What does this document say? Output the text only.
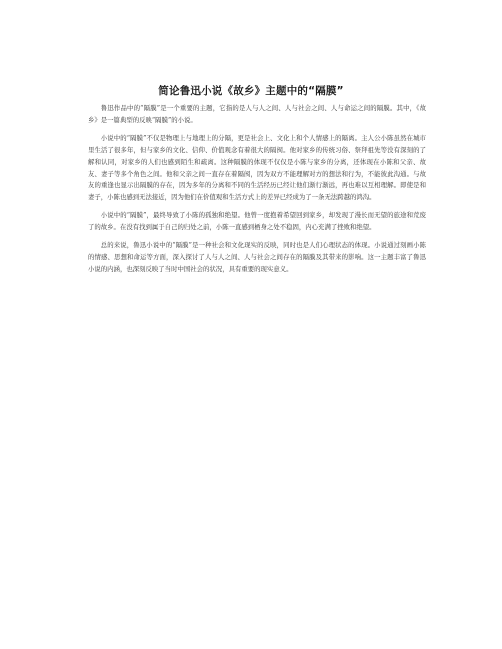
简论鲁迅小说《故乡》主题中的“隔膜”

鲁迅作品中的“隔膜”是一个重要的主题，它指的是人与人之间、人与社会之间、人与命运之间的隔膜。其中，《故乡》是一篇典型的反映“隔膜”的小说。

小说中的“隔膜”不仅是物理上与地理上的分隔，更是社会上、文化上和个人情感上的隔离。主人公小陈虽然在城市里生活了很多年，但与家乡的文化、信仰、价值观念有着很大的隔阂。他对家乡的传统习俗、祭拜祖先等没有深刻的了解和认同，对家乡的人们也感到陌生和疏离。这种隔膜的体现不仅仅是小陈与家乡的分离，还体现在小陈和父亲、故友、妻子等多个角色之间。他和父亲之间一直存在着隔阂，因为双方不能理解对方的想法和行为，不能彼此沟通。与故友的重逢也显示出隔膜的存在，因为多年的分离和不同的生活经历已经让他们渐行渐远，再也难以互相理解。即使是和妻子，小陈也感到无法接近，因为他们在价值观和生活方式上的差异已经成为了一条无法跨越的鸿沟。

小说中的“隔膜”，最终导致了小陈的孤独和绝望。他曾一度抱着希望回到家乡，却发现了漫长而无望的旅途和荒废了的故乡。在没有找到属于自己的归处之前，小陈一直感到栖身之处不稳固，内心充满了挫败和绝望。

总的来说，鲁迅小说中的“隔膜”是一种社会和文化现实的反映，同时也是人们心理状态的体现。小说通过刻画小陈的情感、思想和命运等方面，深入探讨了人与人之间、人与社会之间存在的隔膜及其带来的影响。这一主题丰富了鲁迅小说的内涵，也深刻反映了当时中国社会的状况，具有重要的现实意义。
